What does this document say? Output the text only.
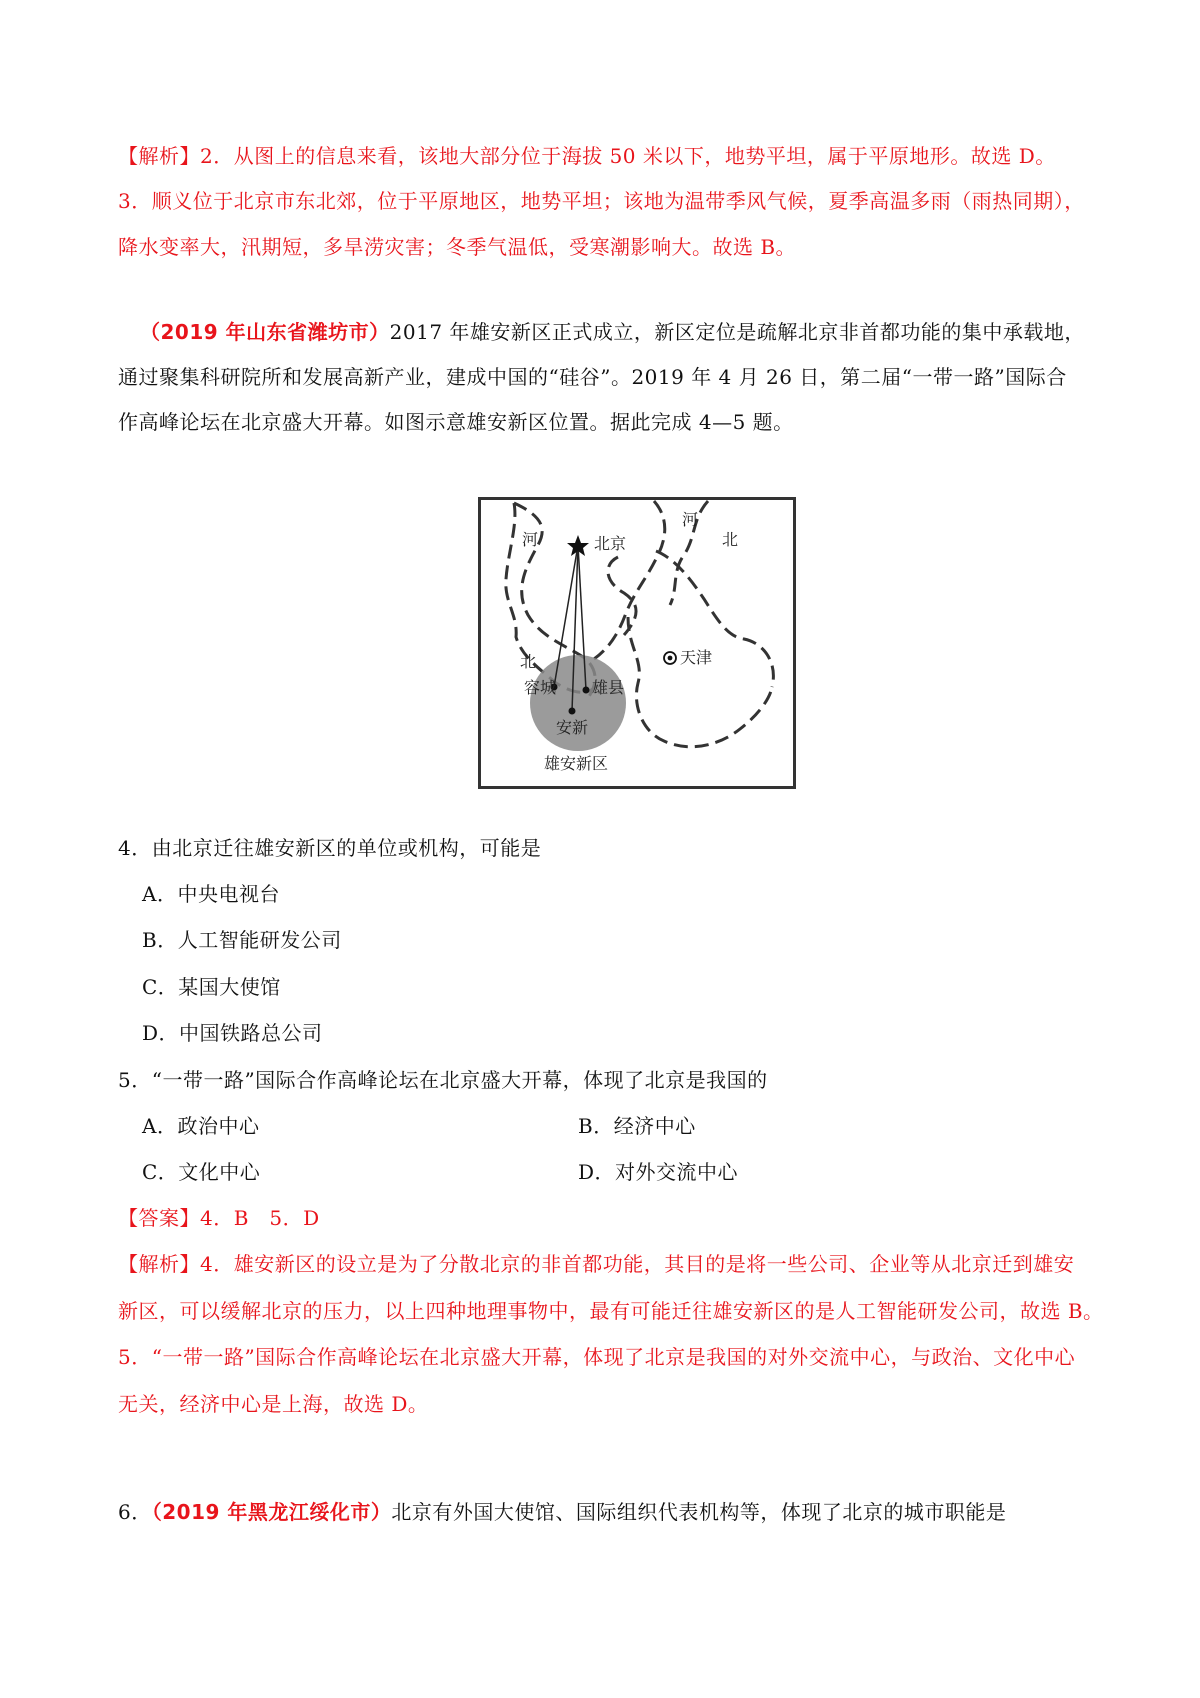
【解析】2．从图上的信息来看，该地大部分位于海拔 50 米以下，地势平坦，属于平原地形。故选 D。
3．顺义位于北京市东北郊，位于平原地区，地势平坦；该地为温带季风气候，夏季高温多雨（雨热同期），
降水变率大，汛期短，多旱涝灾害；冬季气温低，受寒潮影响大。故选 B。
（2019 年山东省潍坊市）2017 年雄安新区正式成立，新区定位是疏解北京非首都功能的集中承载地，
通过聚集科研院所和发展高新产业，建成中国的“硅谷”。2019 年 4 月 26 日，第二届“一带一路”国际合
作高峰论坛在北京盛大开幕。如图示意雄安新区位置。据此完成 4—5 题。
河
北
北京
河
北
天津
容城 雄县
安新
雄安新区
4．由北京迁往雄安新区的单位或机构，可能是
A．中央电视台
B．人工智能研发公司
C．某国大使馆
D．中国铁路总公司
5．“一带一路”国际合作高峰论坛在北京盛大开幕，体现了北京是我国的
A．政治中心	B．经济中心
C．文化中心	D．对外交流中心
【答案】4．B　5．D
【解析】4．雄安新区的设立是为了分散北京的非首都功能，其目的是将一些公司、企业等从北京迁到雄安
新区，可以缓解北京的压力，以上四种地理事物中，最有可能迁往雄安新区的是人工智能研发公司，故选 B。
5．“一带一路”国际合作高峰论坛在北京盛大开幕，体现了北京是我国的对外交流中心，与政治、文化中心
无关，经济中心是上海，故选 D。
6．（2019 年黑龙江绥化市）北京有外国大使馆、国际组织代表机构等，体现了北京的城市职能是
